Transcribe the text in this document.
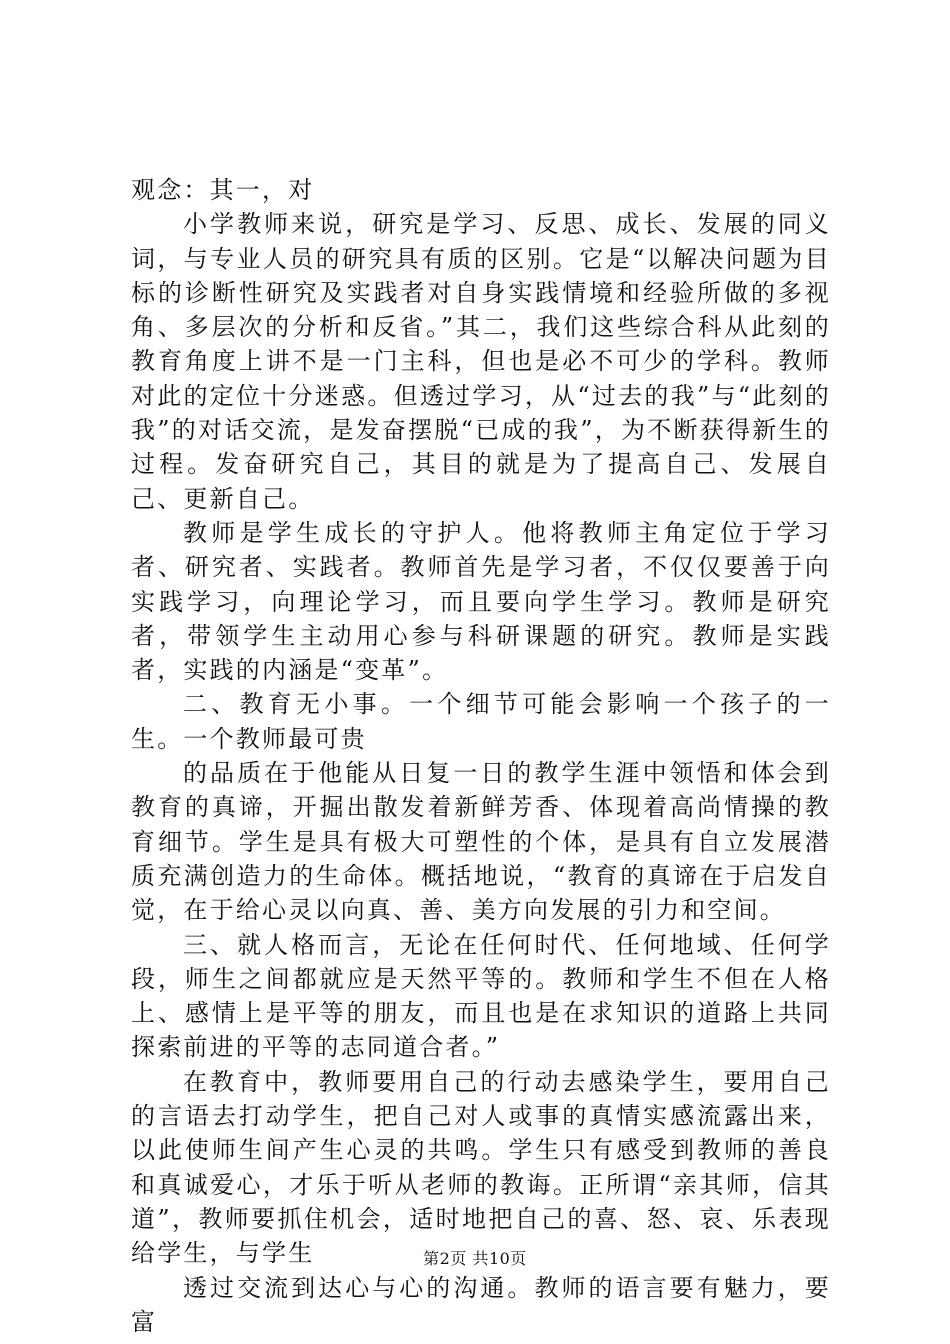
观念：其一，对

小学教师来说，研究是学习、反思、成长、发展的同义词，与专业人员的研究具有质的区别。它是“以解决问题为目标的诊断性研究及实践者对自身实践情境和经验所做的多视角、多层次的分析和反省。”其二，我们这些综合科从此刻的教育角度上讲不是一门主科，但也是必不可少的学科。教师对此的定位十分迷惑。但透过学习，从“过去的我”与“此刻的我”的对话交流，是发奋摆脱“已成的我”，为不断获得新生的过程。发奋研究自己，其目的就是为了提高自己、发展自己、更新自己。

教师是学生成长的守护人。他将教师主角定位于学习者、研究者、实践者。教师首先是学习者，不仅仅要善于向实践学习，向理论学习，而且要向学生学习。教师是研究者，带领学生主动用心参与科研课题的研究。教师是实践者，实践的内涵是“变革”。

二、教育无小事。一个细节可能会影响一个孩子的一生。一个教师最可贵

的品质在于他能从日复一日的教学生涯中领悟和体会到教育的真谛，开掘出散发着新鲜芳香、体现着高尚情操的教育细节。学生是具有极大可塑性的个体，是具有自立发展潜质充满创造力的生命体。概括地说，“教育的真谛在于启发自觉，在于给心灵以向真、善、美方向发展的引力和空间。

三、就人格而言，无论在任何时代、任何地域、任何学段，师生之间都就应是天然平等的。教师和学生不但在人格上、感情上是平等的朋友，而且也是在求知识的道路上共同探索前进的平等的志同道合者。”

在教育中，教师要用自己的行动去感染学生，要用自己的言语去打动学生，把自己对人或事的真情实感流露出来，以此使师生间产生心灵的共鸣。学生只有感受到教师的善良和真诚爱心，才乐于听从老师的教诲。正所谓“亲其师，信其道”，教师要抓住机会，适时地把自己的喜、怒、哀、乐表现给学生，与学生

透过交流到达心与心的沟通。教师的语言要有魅力，要富

第2页 共10页
